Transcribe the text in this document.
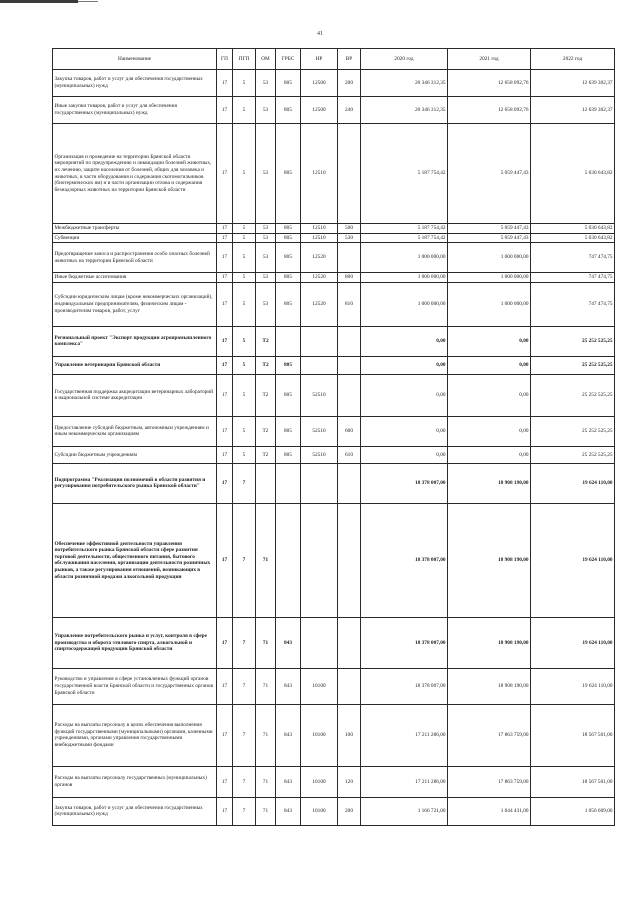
41
Наименование	ГП	ПГП	ОМ	ГРБС	НР	ВР	2020 год	2021 год	2022 год
Закупка товаров, работ и услуг для обеспечения государственных (муниципальных) нужд	17	5	53	805	12500	200	20 346 312,35	12 658 092,76	12 639 302,37
Иные закупки товаров, работ и услуг для обеспечения государственных (муниципальных) нужд	17	5	53	805	12500	240	20 346 312,35	12 658 092,76	12 639 302,37
Организация и проведение на территории Брянской области мероприятий по предупреждению и ликвидации болезней животных, их лечению, защите населения от болезней, общих для человека и животных, в части оборудования и содержания скотомогильников (биотермических ям) и в части организации отлова и содержания безнадзорных животных на территории Брянской области	17	5	53	805	12510		5 187 754,42	5 059 447,43	5 030 643,82
Межбюджетные трансферты	17	5	53	805	12510	500	5 187 754,42	5 059 447,43	5 030 643,82
Субвенции	17	5	53	805	12510	530	5 187 754,42	5 059 447,43	5 030 643,82
Предотвращение заноса и распространения особо опасных болезней животных на территории Брянской области	17	5	53	805	12520		1 000 000,00	1 000 000,00	747 474,75
Иные бюджетные ассигнования	17	5	53	805	12520	800	1 000 000,00	1 000 000,00	747 474,75
Субсидии юридическим лицам (кроме некоммерческих организаций), индивидуальным предпринимателям, физическим лицам - производителям товаров, работ, услуг	17	5	53	805	12520	810	1 000 000,00	1 000 000,00	747 474,75
Региональный проект "Экспорт продукции агропромышленного комплекса"	17	5	T2				0,00	0,00	25 252 525,25
Управление ветеринарии Брянской области	17	5	T2	805			0,00	0,00	25 252 525,25
Государственная поддержка аккредитации ветеринарных лабораторий в национальной системе аккредитации	17	5	T2	805	52510		0,00	0,00	25 252 525,25
Предоставление субсидий бюджетным, автономным учреждениям и иным некоммерческим организациям	17	5	T2	805	52510	600	0,00	0,00	25 252 525,25
Субсидии бюджетным учреждениям	17	5	T2	805	52510	610	0,00	0,00	25 252 525,25
Подпрограмма "Реализация полномочий в области развития и регулирования потребительского рынка Брянской области"	17	7					18 378 007,00	18 908 190,00	19 624 110,00
Обеспечение эффективной деятельности управления потребительского рынка Брянской области сфере развития торговой деятельности, общественного питания, бытового обслуживания населения, организации деятельности розничных рынков, а также регулирования отношений, возникающих в области розничной продажи алкогольной продукции	17	7	71				18 378 007,00	18 908 190,00	19 624 110,00
Управление потребительского рынка и услуг, контроля в сфере производства и оборота этилового спирта, алкогольной и спиртосодержащей продукции Брянской области	17	7	71	843			18 378 007,00	18 908 190,00	19 624 110,00
Руководство и управление в сфере установленных функций органов государственной власти Брянской области и государственных органов Брянской области	17	7	71	843	10100		18 378 007,00	18 908 190,00	19 624 110,00
Расходы на выплаты персоналу в целях обеспечения выполнения функций государственными (муниципальными) органами, казенными учреждениями, органами управления государственными внебюджетными фондами	17	7	71	843	10100	100	17 211 286,00	17 863 759,00	18 567 501,00
Расходы на выплаты персоналу государственных (муниципальных) органов	17	7	71	843	10100	120	17 211 286,00	17 863 759,00	18 567 501,00
Закупка товаров, работ и услуг для обеспечения государственных (муниципальных) нужд	17	7	71	843	10100	200	1 166 721,00	1 044 431,00	1 056 609,00
